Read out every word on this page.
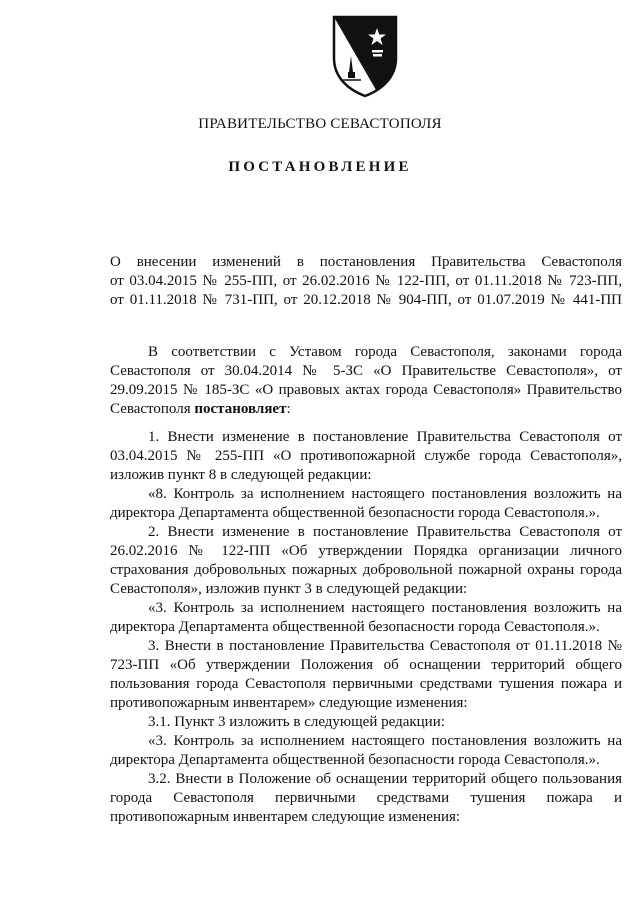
ПРАВИТЕЛЬСТВО СЕВАСТОПОЛЯ
ПОСТАНОВЛЕНИЕ

О внесении изменений в постановления Правительства Севастополя

от 03.04.2015 № 255-ПП, от 26.02.2016 № 122-ПП, от 01.11.2018 № 723-ПП,

от 01.11.2018 № 731-ПП, от 20.12.2018 № 904-ПП, от 01.07.2019 № 441-ПП

В соответствии с Уставом города Севастополя, законами города Севастополя от 30.04.2014 № 5-ЗС «О Правительстве Севастополя», от 29.09.2015 № 185-ЗС «О правовых актах города Севастополя» Правительство Севастополя постановляет:

1. Внести изменение в постановление Правительства Севастополя от 03.04.2015 № 255-ПП «О противопожарной службе города Севастополя», изложив пункт 8 в следующей редакции:

«8. Контроль за исполнением настоящего постановления возложить на директора Департамента общественной безопасности города Севастополя.».

2. Внести изменение в постановление Правительства Севастополя от 26.02.2016 № 122-ПП «Об утверждении Порядка организации личного страхования добровольных пожарных добровольной пожарной охраны города Севастополя», изложив пункт 3 в следующей редакции:

«3. Контроль за исполнением настоящего постановления возложить на директора Департамента общественной безопасности города Севастополя.».

3. Внести в постановление Правительства Севастополя от 01.11.2018 № 723-ПП «Об утверждении Положения об оснащении территорий общего пользования города Севастополя первичными средствами тушения пожара и противопожарным инвентарем» следующие изменения:

3.1. Пункт 3 изложить в следующей редакции:

«3. Контроль за исполнением настоящего постановления возложить на директора Департамента общественной безопасности города Севастополя.».

3.2. Внести в Положение об оснащении территорий общего пользования города Севастополя первичными средствами тушения пожара и противопожарным инвентарем следующие изменения:
